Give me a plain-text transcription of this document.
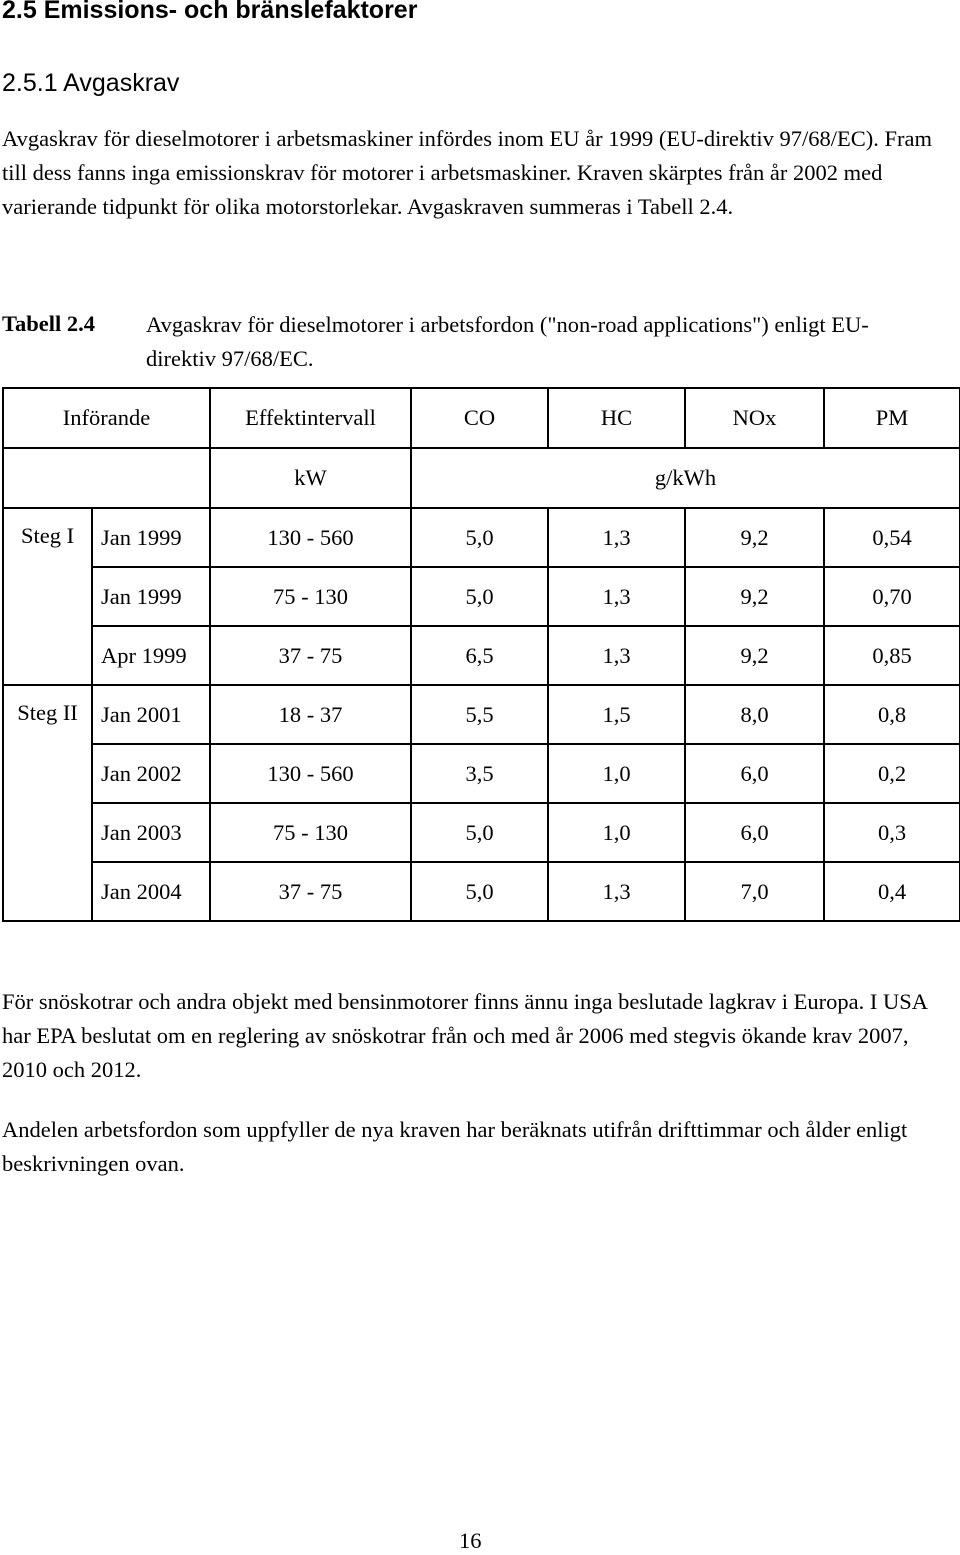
2.5 Emissions- och bränslefaktorer
2.5.1 Avgaskrav
Avgaskrav för dieselmotorer i arbetsmaskiner infördes inom EU år 1999 (EU-direktiv 97/68/EC). Fram till dess fanns inga emissionskrav för motorer i arbetsmaskiner. Kraven skärptes från år 2002 med varierande tidpunkt för olika motorstorlekar. Avgaskraven summeras i Tabell 2.4.
Tabell 2.4 Avgaskrav för dieselmotorer i arbetsfordon ("non-road applications") enligt EU-direktiv 97/68/EC.
Införande		Effektintervall	CO	HC	NOx	PM
		kW	g/kWh			
Steg I	Jan 1999	130 - 560	5,0	1,3	9,2	0,54
	Jan 1999	75 - 130	5,0	1,3	9,2	0,70
	Apr 1999	37 - 75	6,5	1,3	9,2	0,85
Steg II	Jan 2001	18 - 37	5,5	1,5	8,0	0,8
	Jan 2002	130 - 560	3,5	1,0	6,0	0,2
	Jan 2003	75 - 130	5,0	1,0	6,0	0,3
	Jan 2004	37 - 75	5,0	1,3	7,0	0,4
För snöskotrar och andra objekt med bensinmotorer finns ännu inga beslutade lagkrav i Europa. I USA har EPA beslutat om en reglering av snöskotrar från och med år 2006 med stegvis ökande krav 2007, 2010 och 2012.
Andelen arbetsfordon som uppfyller de nya kraven har beräknats utifrån drifttimmar och ålder enligt beskrivningen ovan.
16
